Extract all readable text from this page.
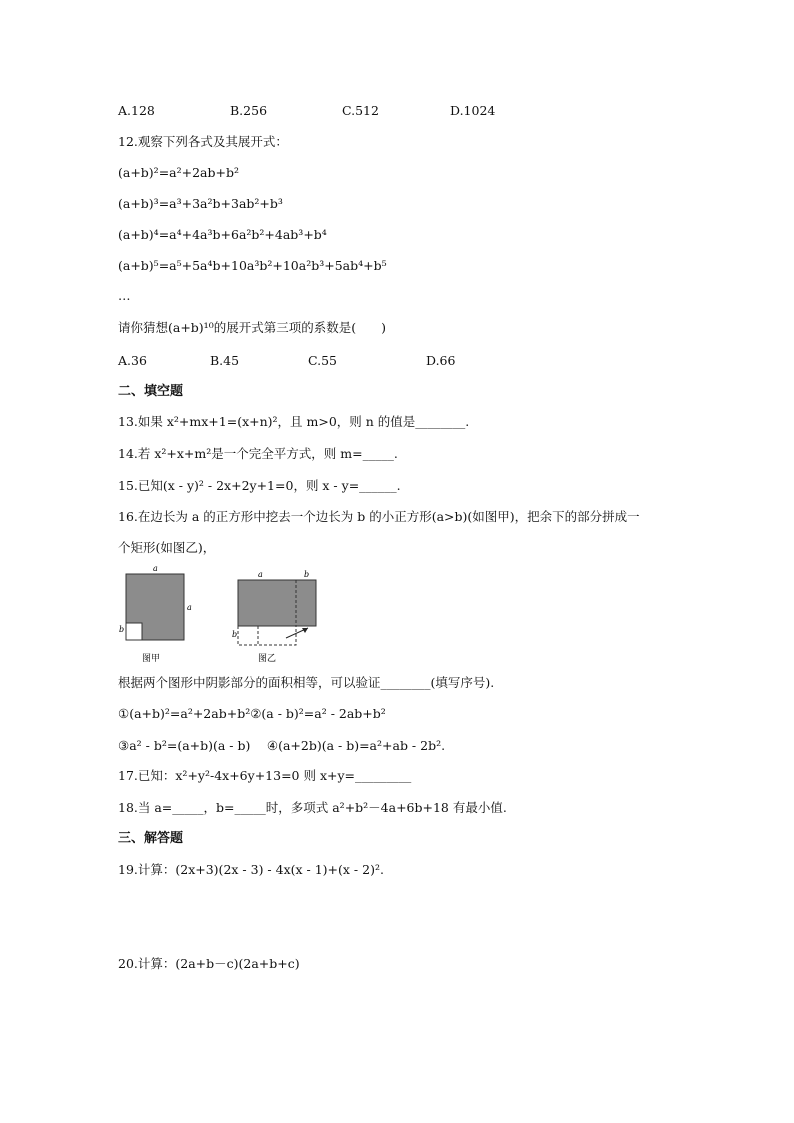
A.128	B.256	C.512	D.1024
12.观察下列各式及其展开式：
(a+b)²=a²+2ab+b²
(a+b)³=a³+3a²b+3ab²+b³
(a+b)⁴=a⁴+4a³b+6a²b²+4ab³+b⁴
(a+b)⁵=a⁵+5a⁴b+10a³b²+10a²b³+5ab⁴+b⁵
…
请你猜想(a+b)¹⁰的展开式第三项的系数是(　　)
A.36	B.45	C.55	D.66
二、填空题
13.如果 x²+mx+1=(x+n)²，且 m>0，则 n 的值是________.
14.若 x²+x+m²是一个完全平方式，则 m=_____.
15.已知(x - y)² - 2x+2y+1=0，则 x - y=______.
16.在边长为 a 的正方形中挖去一个边长为 b 的小正方形(a>b)(如图甲)，把余下的部分拼成一
个矩形(如图乙)，
a
a
b
图甲
a	b
b
图乙
根据两个图形中阴影部分的面积相等，可以验证________(填写序号).
①(a+b)²=a²+2ab+b²②(a - b)²=a² - 2ab+b²
③a² - b²=(a+b)(a - b)　 ④(a+2b)(a - b)=a²+ab - 2b².
17.已知：x²+y²-4x+6y+13=0 则 x+y=_________
18.当 a=_____，b=_____时，多项式 a²+b²－4a+6b+18 有最小值.
三、解答题
19.计算：(2x+3)(2x - 3) - 4x(x - 1)+(x - 2)².
20.计算：(2a+b－c)(2a+b+c)
